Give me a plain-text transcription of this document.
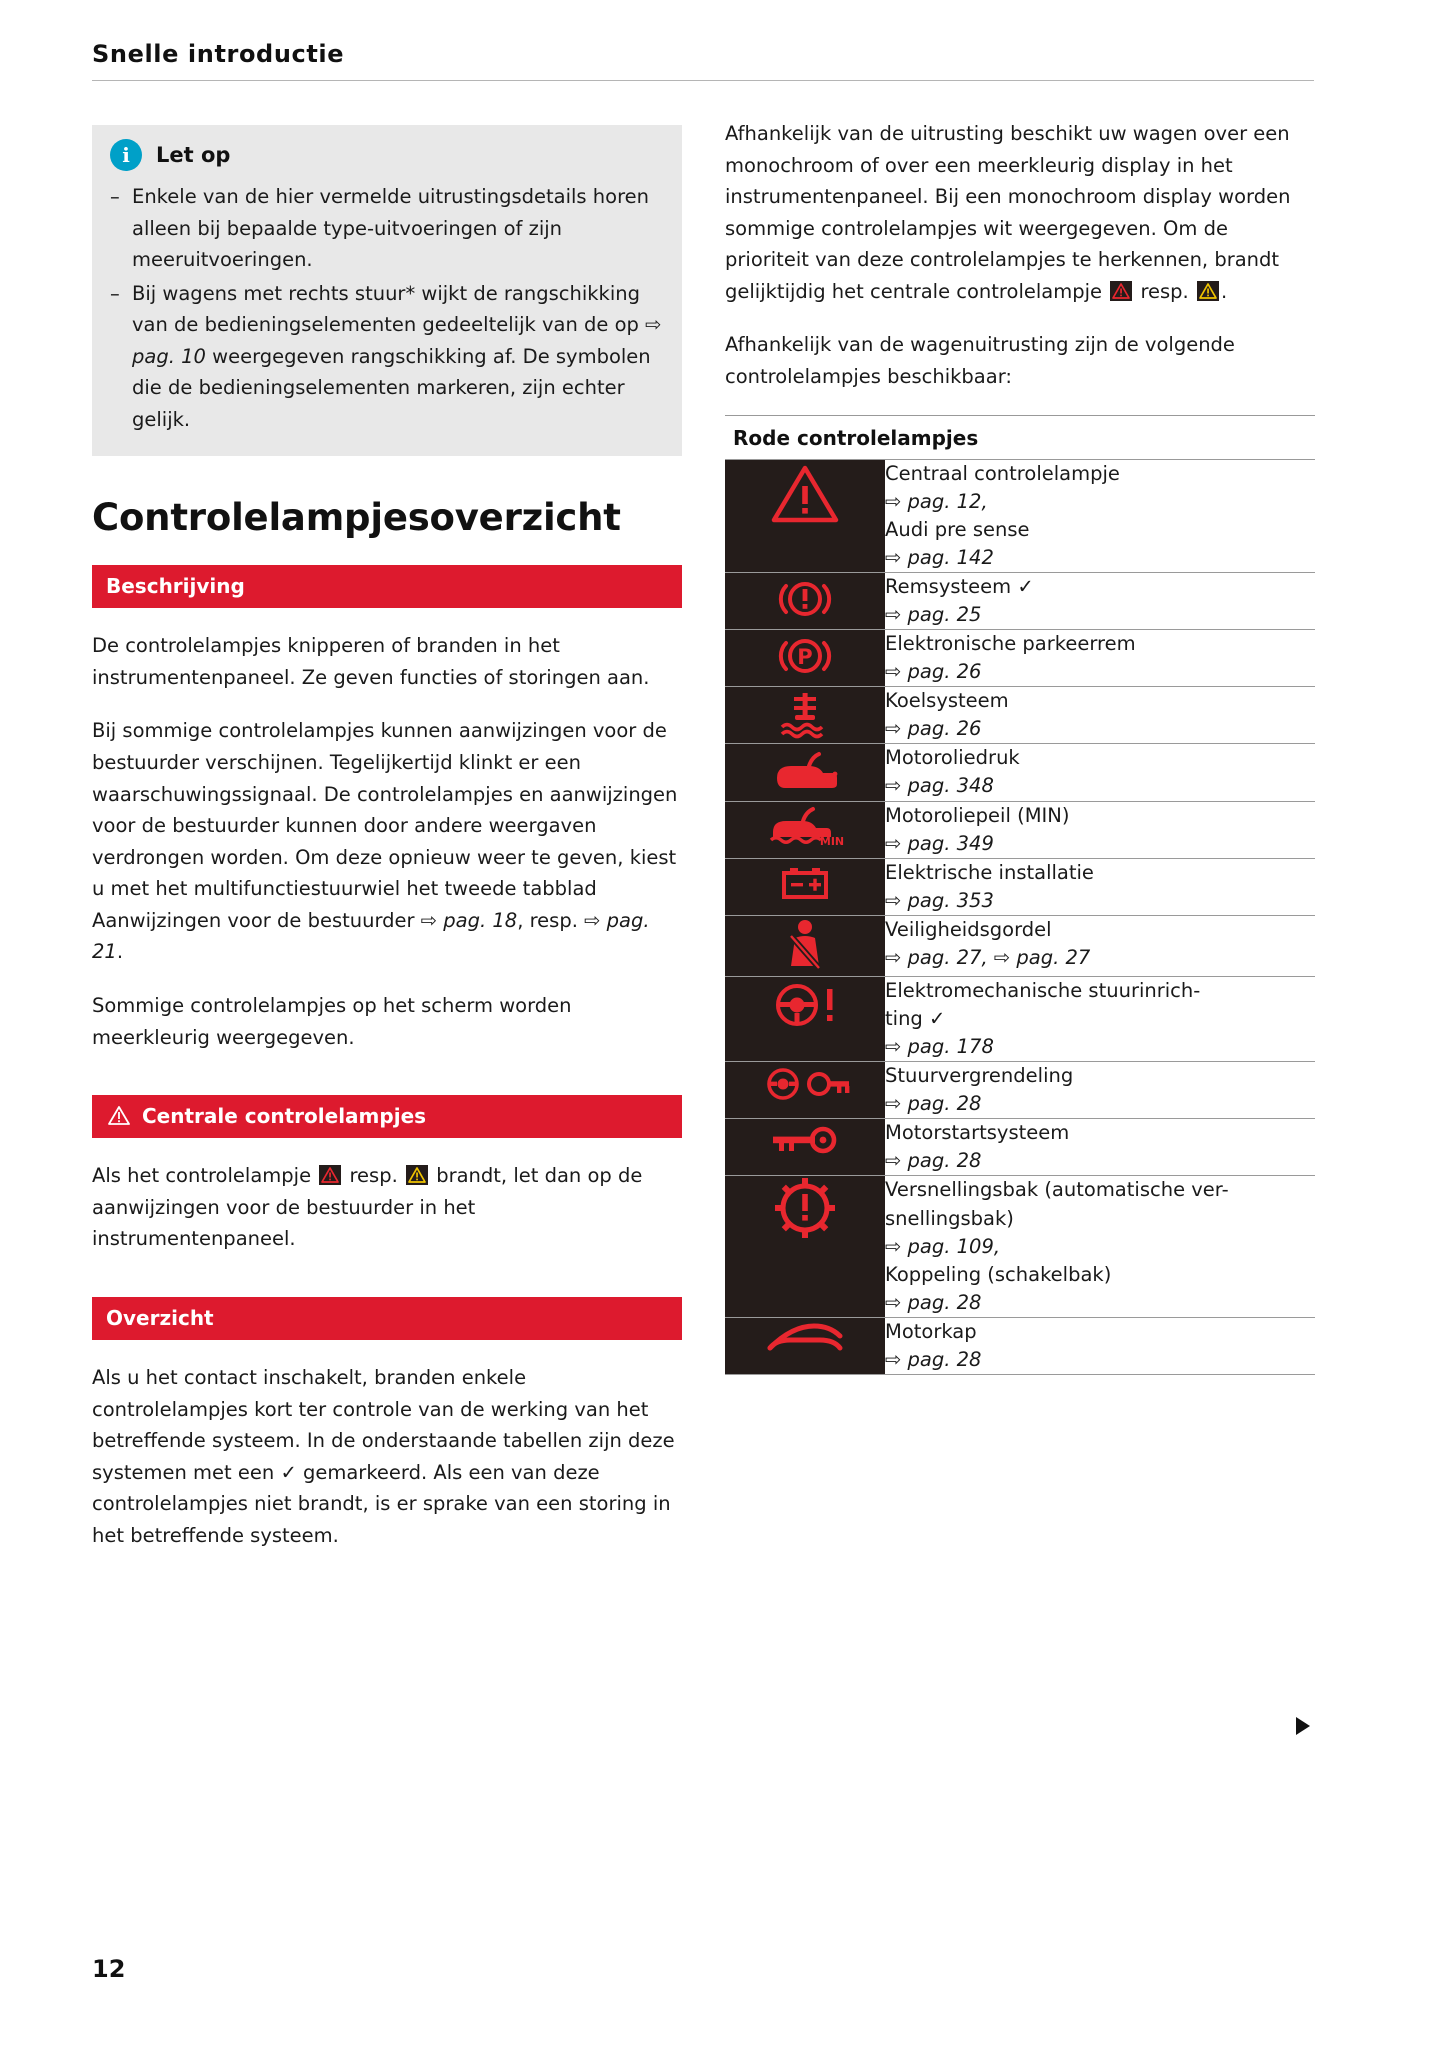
Snelle introductie
i	Let op
– Enkele van de hier vermelde uitrustingsdetails horen alleen bij bepaalde type-uitvoeringen of zijn meeruitvoeringen.
– Bij wagens met rechts stuur* wijkt de rangschikking van de bedieningselementen gedeeltelijk van de op ⇨ pag. 10 weergegeven rangschikking af. De symbolen die de bedieningselementen markeren, zijn echter gelijk.
Controlelampjesoverzicht
Beschrijving

De controlelampjes knipperen of branden in het instrumentenpaneel. Ze geven functies of storingen aan.

Bij sommige controlelampjes kunnen aanwijzingen voor de bestuurder verschijnen. Tegelijkertijd klinkt er een waarschuwingssignaal. De controlelampjes en aanwijzingen voor de bestuurder kunnen door andere weergaven verdrongen worden. Om deze opnieuw weer te geven, kiest u met het multifunctiestuurwiel het tweede tabblad Aanwijzingen voor de bestuurder ⇨ pag. 18, resp. ⇨ pag. 21.

Sommige controlelampjes op het scherm worden meerkleurig weergegeven.

Centrale controlelampjes

Als het controlelampje resp. brandt, let dan op de aanwijzingen voor de bestuurder in het instrumentenpaneel.

Overzicht

Als u het contact inschakelt, branden enkele controlelampjes kort ter controle van de werking van het betreffende systeem. In de onderstaande tabellen zijn deze systemen met een ✓ gemarkeerd. Als een van deze controlelampjes niet brandt, is er sprake van een storing in het betreffende systeem.

Afhankelijk van de uitrusting beschikt uw wagen over een monochroom of over een meerkleurig display in het instrumentenpaneel. Bij een monochroom display worden sommige controlelampjes wit weergegeven. Om de prioriteit van deze controlelampjes te herkennen, brandt gelijktijdig het centrale controlelampje resp. .

Afhankelijk van de wagenuitrusting zijn de volgende controlelampjes beschikbaar:

Rode controlelampjes

Centraal controlelampje
⇨ pag. 12,
Audi pre sense
⇨ pag. 142

Remsysteem ✓
⇨ pag. 25

P	Elektronische parkeerrem
⇨ pag. 26

Koelsysteem
⇨ pag. 26

Motoroliedruk
⇨ pag. 348

MIN	Motoroliepeil (MIN)
⇨ pag. 349

Elektrische installatie
⇨ pag. 353

Veiligheidsgordel
⇨ pag. 27, ⇨ pag. 27

Elektromechanische stuurinrich-
ting ✓
⇨ pag. 178

Stuurvergrendeling
⇨ pag. 28

Motorstartsysteem
⇨ pag. 28

Versnellingsbak (automatische ver-
snellingsbak)
⇨ pag. 109,
Koppeling (schakelbak)
⇨ pag. 28

Motorkap
⇨ pag. 28
12
